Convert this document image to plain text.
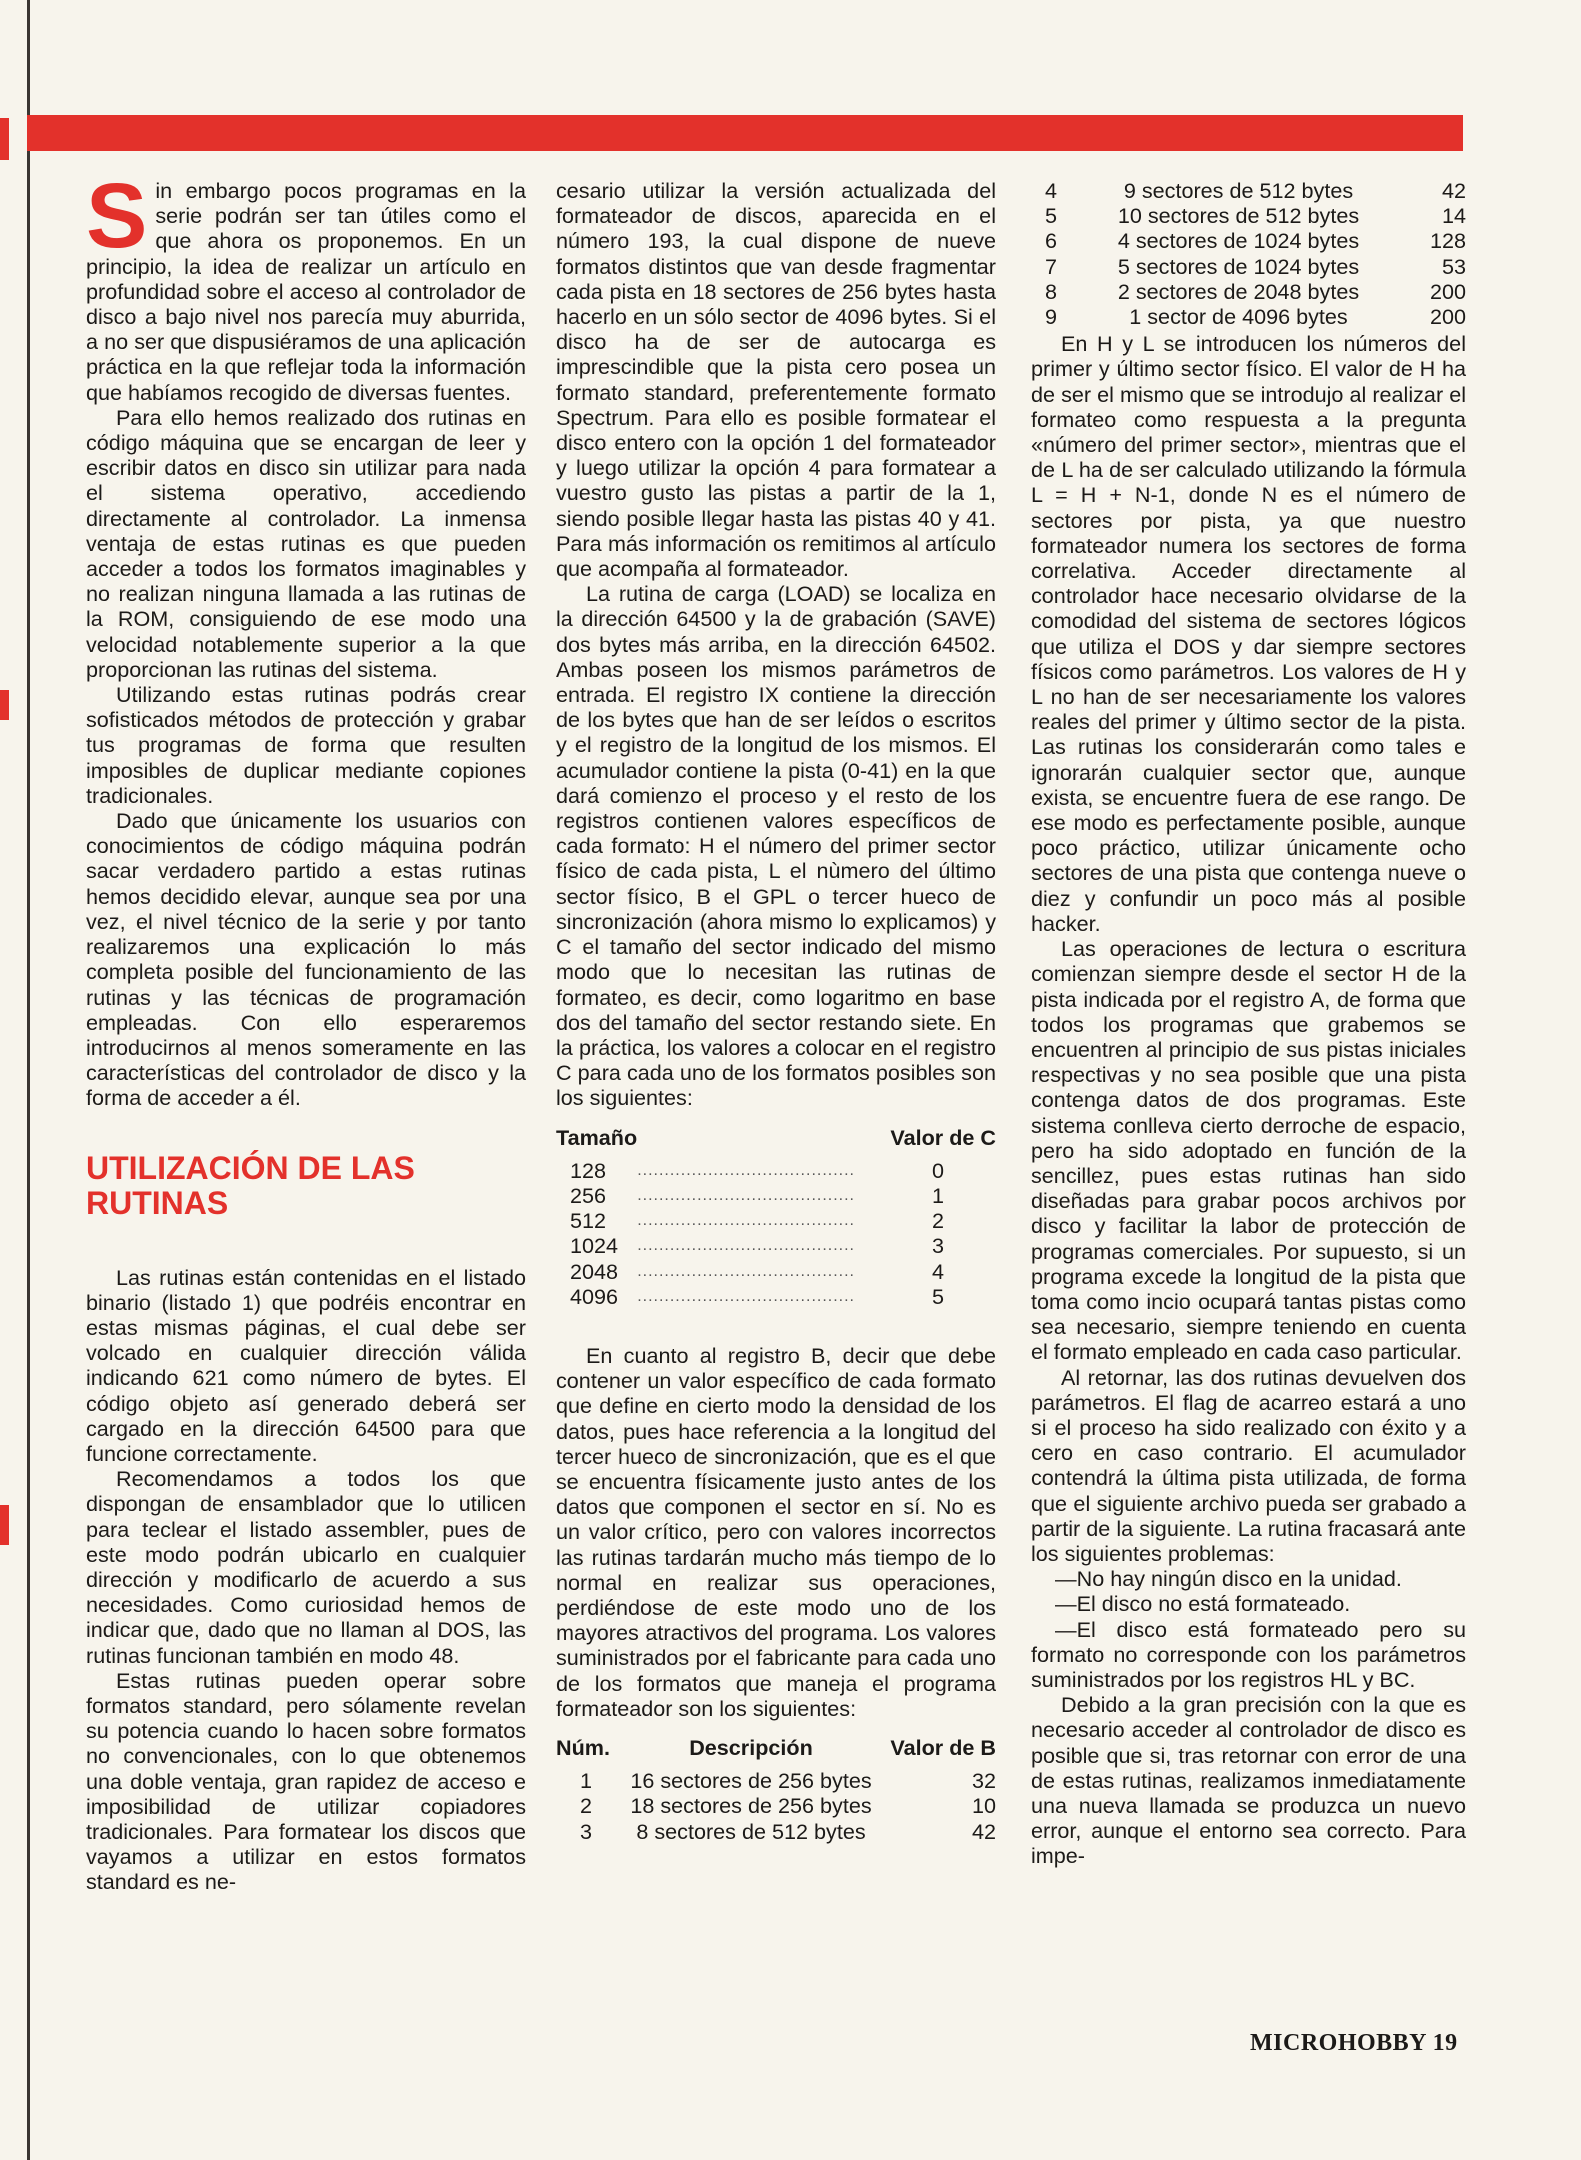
Sin embargo pocos programas en la serie podrán ser tan útiles como el que ahora os proponemos. En un principio, la idea de realizar un artículo en profundidad sobre el acceso al controlador de disco a bajo nivel nos parecía muy aburrida, a no ser que dispusiéramos de una aplicación práctica en la que reflejar toda la información que habíamos recogido de diversas fuentes.

Para ello hemos realizado dos rutinas en código máquina que se encargan de leer y escribir datos en disco sin utilizar para nada el sistema operativo, accediendo directamente al controlador. La inmensa ventaja de estas rutinas es que pueden acceder a todos los formatos imaginables y no realizan ninguna llamada a las rutinas de la ROM, consiguiendo de ese modo una velocidad notablemente superior a la que proporcionan las rutinas del sistema.

Utilizando estas rutinas podrás crear sofisticados métodos de protección y grabar tus programas de forma que resulten imposibles de duplicar mediante copiones tradicionales.

Dado que únicamente los usuarios con conocimientos de código máquina podrán sacar verdadero partido a estas rutinas hemos decidido elevar, aunque sea por una vez, el nivel técnico de la serie y por tanto realizaremos una explicación lo más completa posible del funcionamiento de las rutinas y las técnicas de programación empleadas. Con ello esperaremos introducirnos al menos someramente en las características del controlador de disco y la forma de acceder a él.

UTILIZACIÓN DE LAS RUTINAS

Las rutinas están contenidas en el listado binario (listado 1) que podréis encontrar en estas mismas páginas, el cual debe ser volcado en cualquier dirección válida indicando 621 como número de bytes. El código objeto así generado deberá ser cargado en la dirección 64500 para que funcione correctamente.

Recomendamos a todos los que dispongan de ensamblador que lo utilicen para teclear el listado assembler, pues de este modo podrán ubicarlo en cualquier dirección y modificarlo de acuerdo a sus necesidades. Como curiosidad hemos de indicar que, dado que no llaman al DOS, las rutinas funcionan también en modo 48.

Estas rutinas pueden operar sobre formatos standard, pero sólamente revelan su potencia cuando lo hacen sobre formatos no convencionales, con lo que obtenemos una doble ventaja, gran rapidez de acceso e imposibilidad de utilizar copiadores tradicionales. Para formatear los discos que vayamos a utilizar en estos formatos standard es ne-

cesario utilizar la versión actualizada del formateador de discos, aparecida en el número 193, la cual dispone de nueve formatos distintos que van desde fragmentar cada pista en 18 sectores de 256 bytes hasta hacerlo en un sólo sector de 4096 bytes. Si el disco ha de ser de autocarga es imprescindible que la pista cero posea un formato standard, preferentemente formato Spectrum. Para ello es posible formatear el disco entero con la opción 1 del formateador y luego utilizar la opción 4 para formatear a vuestro gusto las pistas a partir de la 1, siendo posible llegar hasta las pistas 40 y 41. Para más información os remitimos al artículo que acompaña al formateador.

La rutina de carga (LOAD) se localiza en la dirección 64500 y la de grabación (SAVE) dos bytes más arriba, en la dirección 64502. Ambas poseen los mismos parámetros de entrada. El registro IX contiene la dirección de los bytes que han de ser leídos o escritos y el registro de la longitud de los mismos. El acumulador contiene la pista (0-41) en la que dará comienzo el proceso y el resto de los registros contienen valores específicos de cada formato: H el número del primer sector físico de cada pista, L el nùmero del último sector físico, B el GPL o tercer hueco de sincronización (ahora mismo lo explicamos) y C el tamaño del sector indicado del mismo modo que lo necesitan las rutinas de formateo, es decir, como logaritmo en base dos del tamaño del sector restando siete. En la práctica, los valores a colocar en el registro C para cada uno de los formatos posibles son los siguientes:

Tamaño		Valor de C
128	........................................	0
256	........................................	1
512	........................................	2
1024	........................................	3
2048	........................................	4
4096	........................................	5

En cuanto al registro B, decir que debe contener un valor específico de cada formato que define en cierto modo la densidad de los datos, pues hace referencia a la longitud del tercer hueco de sincronización, que es el que se encuentra físicamente justo antes de los datos que componen el sector en sí. No es un valor crítico, pero con valores incorrectos las rutinas tardarán mucho más tiempo de lo normal en realizar sus operaciones, perdiéndose de este modo uno de los mayores atractivos del programa. Los valores suministrados por el fabricante para cada uno de los formatos que maneja el programa formateador son los siguientes:

Núm.	Descripción	Valor de B
1	16 sectores de 256 bytes	32
2	18 sectores de 256 bytes	10
3	8 sectores de 512 bytes	42
4	9 sectores de 512 bytes	42
5	10 sectores de 512 bytes	14
6	4 sectores de 1024 bytes	128
7	5 sectores de 1024 bytes	53
8	2 sectores de 2048 bytes	200
9	1 sector de 4096 bytes	200

En H y L se introducen los números del primer y último sector físico. El valor de H ha de ser el mismo que se introdujo al realizar el formateo como respuesta a la pregunta «número del primer sector», mientras que el de L ha de ser calculado utilizando la fórmula L = H + N-1, donde N es el número de sectores por pista, ya que nuestro formateador numera los sectores de forma correlativa. Acceder directamente al controlador hace necesario olvidarse de la comodidad del sistema de sectores lógicos que utiliza el DOS y dar siempre sectores físicos como parámetros. Los valores de H y L no han de ser necesariamente los valores reales del primer y último sector de la pista. Las rutinas los considerarán como tales e ignorarán cualquier sector que, aunque exista, se encuentre fuera de ese rango. De ese modo es perfectamente posible, aunque poco práctico, utilizar únicamente ocho sectores de una pista que contenga nueve o diez y confundir un poco más al posible hacker.

Las operaciones de lectura o escritura comienzan siempre desde el sector H de la pista indicada por el registro A, de forma que todos los programas que grabemos se encuentren al principio de sus pistas iniciales respectivas y no sea posible que una pista contenga datos de dos programas. Este sistema conlleva cierto derroche de espacio, pero ha sido adoptado en función de la sencillez, pues estas rutinas han sido diseñadas para grabar pocos archivos por disco y facilitar la labor de protección de programas comerciales. Por supuesto, si un programa excede la longitud de la pista que toma como incio ocupará tantas pistas como sea necesario, siempre teniendo en cuenta el formato empleado en cada caso particular.

Al retornar, las dos rutinas devuelven dos parámetros. El flag de acarreo estará a uno si el proceso ha sido realizado con éxito y a cero en caso contrario. El acumulador contendrá la última pista utilizada, de forma que el siguiente archivo pueda ser grabado a partir de la siguiente. La rutina fracasará ante los siguientes problemas:

—No hay ningún disco en la unidad.

—El disco no está formateado.

—El disco está formateado pero su formato no corresponde con los parámetros suministrados por los registros HL y BC.

Debido a la gran precisión con la que es necesario acceder al controlador de disco es posible que si, tras retornar con error de una de estas rutinas, realizamos inmediatamente una nueva llamada se produzca un nuevo error, aunque el entorno sea correcto. Para impe-

MICROHOBBY 19
